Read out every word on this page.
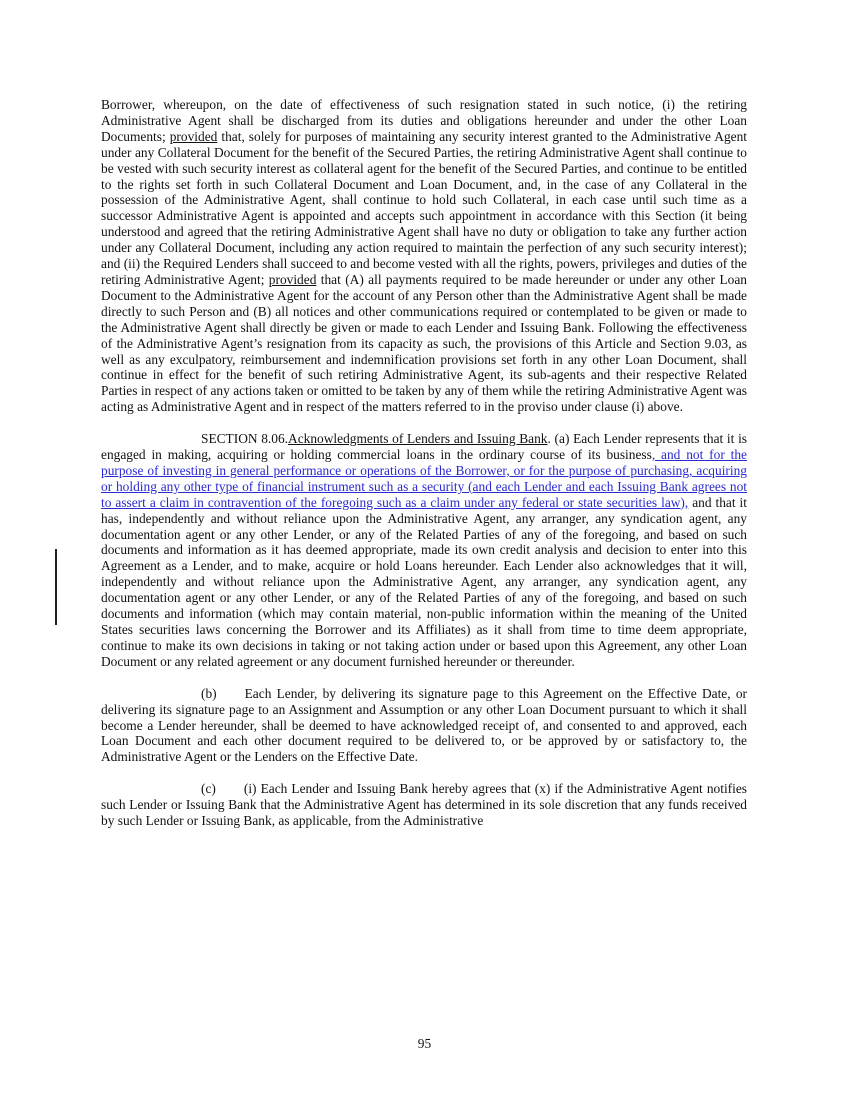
Borrower, whereupon, on the date of effectiveness of such resignation stated in such notice, (i) the retiring Administrative Agent shall be discharged from its duties and obligations hereunder and under the other Loan Documents; provided that, solely for purposes of maintaining any security interest granted to the Administrative Agent under any Collateral Document for the benefit of the Secured Parties, the retiring Administrative Agent shall continue to be vested with such security interest as collateral agent for the benefit of the Secured Parties, and continue to be entitled to the rights set forth in such Collateral Document and Loan Document, and, in the case of any Collateral in the possession of the Administrative Agent, shall continue to hold such Collateral, in each case until such time as a successor Administrative Agent is appointed and accepts such appointment in accordance with this Section (it being understood and agreed that the retiring Administrative Agent shall have no duty or obligation to take any further action under any Collateral Document, including any action required to maintain the perfection of any such security interest); and (ii) the Required Lenders shall succeed to and become vested with all the rights, powers, privileges and duties of the retiring Administrative Agent; provided that (A) all payments required to be made hereunder or under any other Loan Document to the Administrative Agent for the account of any Person other than the Administrative Agent shall be made directly to such Person and (B) all notices and other communications required or contemplated to be given or made to the Administrative Agent shall directly be given or made to each Lender and Issuing Bank. Following the effectiveness of the Administrative Agent’s resignation from its capacity as such, the provisions of this Article and Section 9.03, as well as any exculpatory, reimbursement and indemnification provisions set forth in any other Loan Document, shall continue in effect for the benefit of such retiring Administrative Agent, its sub-agents and their respective Related Parties in respect of any actions taken or omitted to be taken by any of them while the retiring Administrative Agent was acting as Administrative Agent and in respect of the matters referred to in the proviso under clause (i) above.

SECTION 8.06.Acknowledgments of Lenders and Issuing Bank. (a) Each Lender represents that it is engaged in making, acquiring or holding commercial loans in the ordinary course of its business, and not for the purpose of investing in general performance or operations of the Borrower, or for the purpose of purchasing, acquiring or holding any other type of financial instrument such as a security (and each Lender and each Issuing Bank agrees not to assert a claim in contravention of the foregoing such as a claim under any federal or state securities law), and that it has, independently and without reliance upon the Administrative Agent, any arranger, any syndication agent, any documentation agent or any other Lender, or any of the Related Parties of any of the foregoing, and based on such documents and information as it has deemed appropriate, made its own credit analysis and decision to enter into this Agreement as a Lender, and to make, acquire or hold Loans hereunder. Each Lender also acknowledges that it will, independently and without reliance upon the Administrative Agent, any arranger, any syndication agent, any documentation agent or any other Lender, or any of the Related Parties of any of the foregoing, and based on such documents and information (which may contain material, non-public information within the meaning of the United States securities laws concerning the Borrower and its Affiliates) as it shall from time to time deem appropriate, continue to make its own decisions in taking or not taking action under or based upon this Agreement, any other Loan Document or any related agreement or any document furnished hereunder or thereunder.

(b) Each Lender, by delivering its signature page to this Agreement on the Effective Date, or delivering its signature page to an Assignment and Assumption or any other Loan Document pursuant to which it shall become a Lender hereunder, shall be deemed to have acknowledged receipt of, and consented to and approved, each Loan Document and each other document required to be delivered to, or be approved by or satisfactory to, the Administrative Agent or the Lenders on the Effective Date.

(c) (i) Each Lender and Issuing Bank hereby agrees that (x) if the Administrative Agent notifies such Lender or Issuing Bank that the Administrative Agent has determined in its sole discretion that any funds received by such Lender or Issuing Bank, as applicable, from the Administrative

95
